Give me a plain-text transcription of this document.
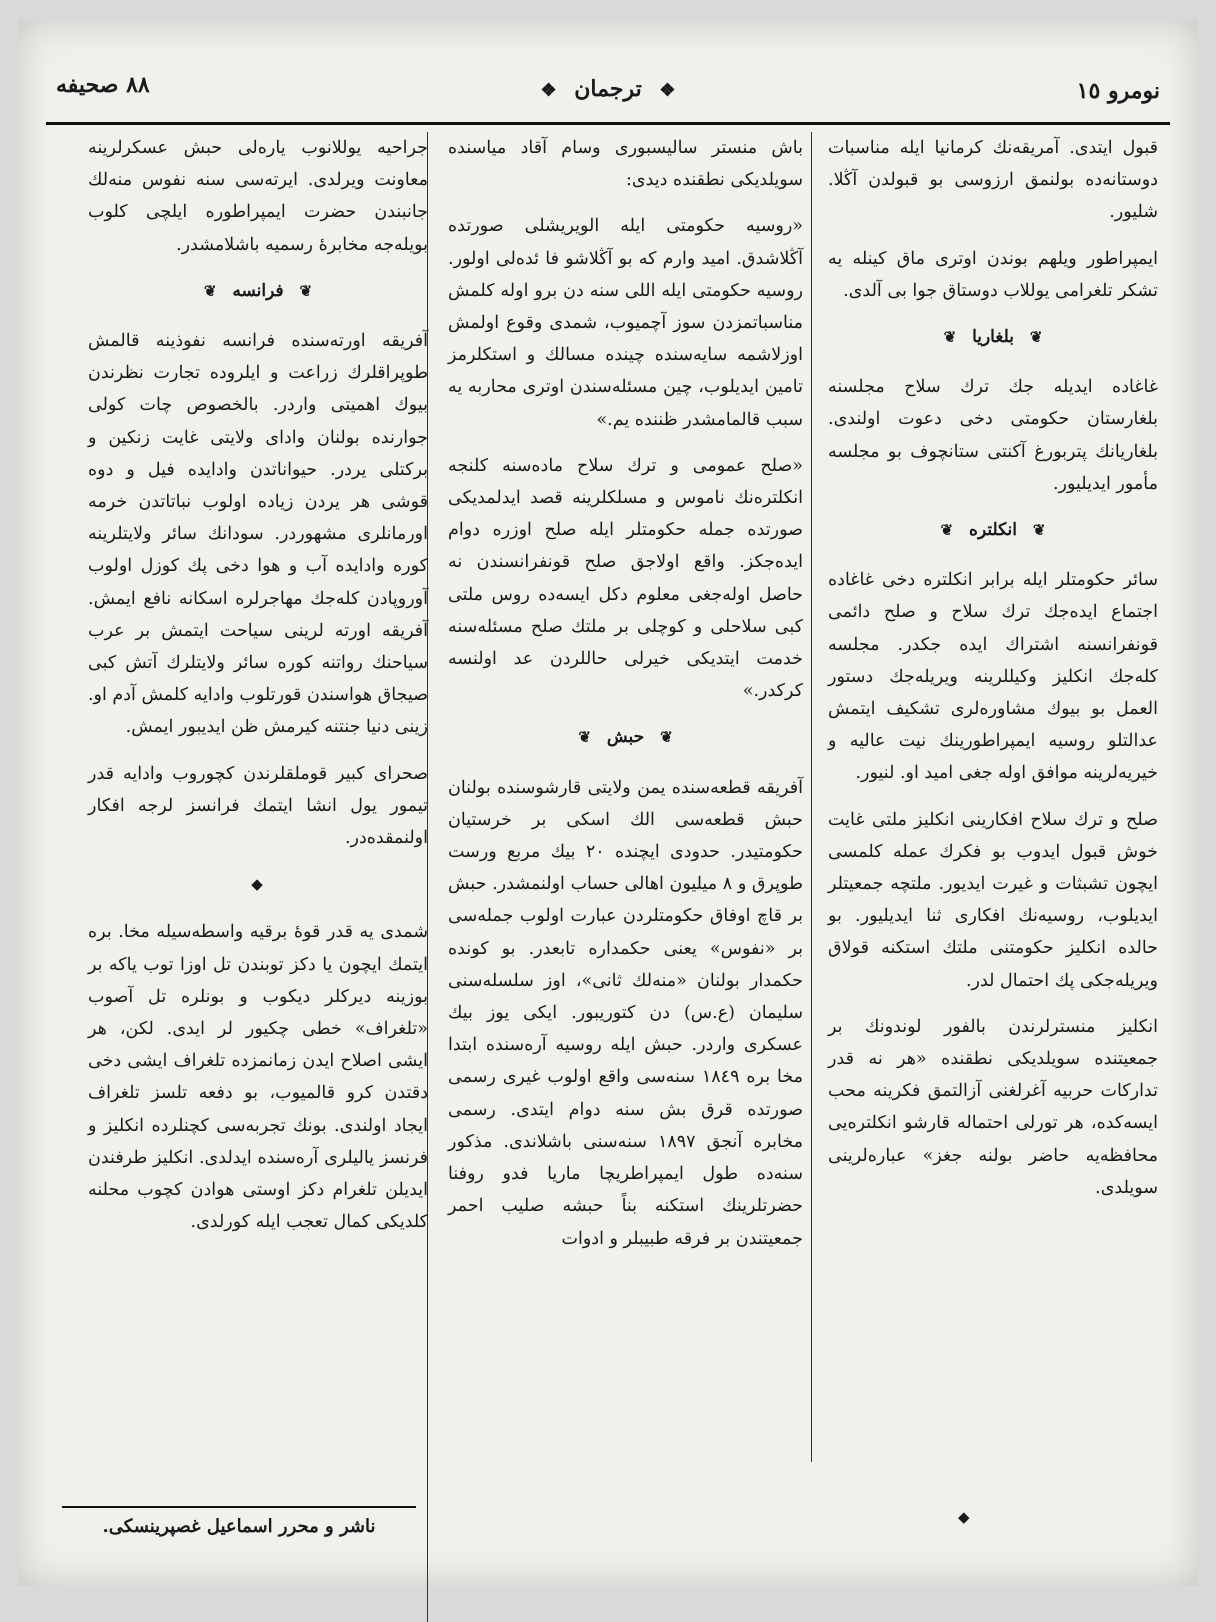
نومرو ١٥
❖ ترجمان ❖
٨٨ صحيفه

قبول ايتدى. آمريقەنك كرمانيا ايله مناسبات دوستانەده بولنمق ارزوسى بو قبولدن آڭلا. شليور.

ايمپراطور ويلهم بوندن اوترى ماق كينله يه تشكر تلغرامى يوللاب دوستاق جوا بى آلدى.

❦ بلغاريا ❦

غاغاده ايديله جك ترك سلاح مجلسنه بلغارستان حكومتى دخى دعوت اولندى. بلغاريانك پتربورغ آكنتى ستانچوف بو مجلسه مأمور ايديليور.

❦ انكلتره ❦

سائر حكومتلر ايله برابر انكلتره دخى غاغاده اجتماع ايدەجك ترك سلاح و صلح دائمى قونفرانسنه اشتراك ايده جكدر. مجلسه كلەجك انكليز وكيللرينه ويريلەجك دستور العمل بو بيوك مشاورەلرى تشكيف ايتمش عدالتلو روسيه ايمپراطورينك نيت عاليه و خيريەلرينه موافق اوله جغى اميد او. لنيور.

صلح و ترك سلاح افكارينى انكليز ملتى غايت خوش قبول ايدوب بو فكرك عمله كلمسى ايچون تشبثات و غيرت ايديور. ملتچه جمعيتلر ايديلوب، روسيەنك افكارى ثنا ايديليور. بو حالده انكليز حكومتنى ملتك استكنه قولاق ويريلەجكى پك احتمال لدر.

انكليز منسترلرندن بالفور لوندونك بر جمعيتنده سويلديكى نطقنده «هر نه قدر تداركات حربيه آغرلغنى آزالتمق فكرينه محب ايسه‌كده، هر تورلى احتماله قارشو انكلترەيى محافظەيه حاضر بولنه جغز» عبارەلرينى سويلدى.

باش منستر سالیسبوری وسام آقاد مياسنده سويلديكى نطقنده ديدى:

«روسيه حكومتى ايله الويريشلى صورتده آڭلاشدق. اميد وارم كه بو آڭلاشو فا ئدەلى اولور. روسيه حكومتى ايله اللى سنه دن برو اوله كلمش مناسباتمزدن سوز آچميوب، شمدى وقوع اولمش اوزلاشمه سايەسنده چينده مسالك و استكلرمز تامين ايديلوب، چين مسئلەسندن اوترى محاربه يه سبب قالمامشدر ظننده يم.»

«صلح عمومى و ترك سلاح مادەسنه كلنجه انكلترەنك ناموس و مسلكلرينه قصد ايدلمديكى صورتده جمله حكومتلر ايله صلح اوزره دوام ايدەجكز. واقع اولاجق صلح قونفرانسندن نه حاصل اولەجغى معلوم دكل ايسەده روس ملتى كبى سلاحلى و كوچلى بر ملتك صلح مسئلەسنه خدمت ايتديكى خيرلى حاللردن عد اولنسه كركدر.»

❦ حبش ❦

آفريقه قطعەسنده يمن ولايتى قارشوسنده بولنان حبش قطعەسى الك اسكى بر خرستيان حكومتيدر. حدودى ايچنده ٢٠ بيك مربع ورست طوپرق و ٨ ميليون اهالى حساب اولنمشدر. حبش بر قاچ اوفاق حكومتلردن عبارت اولوب جملەسى بر «نفوس» يعنى حكمدارە تابعدر. بو كونده حكمدار بولنان «منەلك ثانى»، اوز سلسلەسنى سليمان (ع.س) دن كتوريبور. ايكى يوز بيك عسكرى واردر. حبش ايله روسيه آرەسنده ابتدا مخا بره ١٨٤٩ سنەسى واقع اولوب غيرى رسمى صورتده قرق بش سنه دوام ايتدى. رسمى مخابره آنجق ١٨٩٧ سنەسنى باشلاندى. مذكور سنەده طول ايمپراطريچا ماريا فدو روفنا حضرتلرينك استكنه بناً حبشه صليب احمر جمعيتندن بر فرقه طبيبلر و ادوات

جراحيه يوللانوب يارەلى حبش عسكرلرينه معاونت ويرلدى. ايرتەسى سنه نفوس منەلك جانبندن حضرت ايمپراطوره ايلچى كلوب بويلەجه مخابرۀ رسميه باشلامشدر.

❦ فرانسه ❦

آفريقه اورتەسنده فرانسه نفوذينه قالمش طوپراقلرك زراعت و ايلروده تجارت نظرندن بيوك اهميتى واردر. بالخصوص چات كولى جوارنده بولنان واداى ولايتى غايت زنكين و بركتلى يردر. حيواناتدن وادايده فيل و دوه قوشى هر يردن زياده اولوب نباتاتدن خرمه اورمانلرى مشهوردر. سودانك سائر ولايتلرينه كوره وادايده آب و هوا دخى پك كوزل اولوب آوروپادن كلەجك مهاجرلره اسكانه نافع ايمش. آفريقه اورته لرينى سياحت ايتمش بر عرب سياحنك رواتنه كوره سائر ولايتلرك آتش كبى صيجاق هواسندن قورتلوب وادايه كلمش آدم او. زينى دنيا جنتنه كيرمش ظن ايديبور ايمش.

صحراى كبير قوملقلرندن كچوروب وادايه قدر تيمور يول انشا ايتمك فرانسز لرجه افكار اولنمقدەدر.

◆

شمدى يه قدر قوۀ برقيه واسطەسيله مخا. بره ايتمك ايچون يا دكز توبندن تل اوزا توب ياكه بر بوزينه ديركلر ديكوب و بونلره تل آصوب «تلغراف» خطى چكيور لر ايدى. لكن، هر ايشى اصلاح ايدن زمانمزده تلغراف ايشى دخى دقتدن كرو قالميوب، بو دفعه تلسز تلغراف ايجاد اولندى. بونك تجربەسى كچنلرده انكليز و فرنسز ياليلرى آرەسنده ايدلدى. انكليز طرفندن ايديلن تلغرام دكز اوستى هوادن كچوب محلنه كلديكى كمال تعجب ايله كورلدى.

ناشر و محرر اسماعيل غصپرينسكى.	◆
